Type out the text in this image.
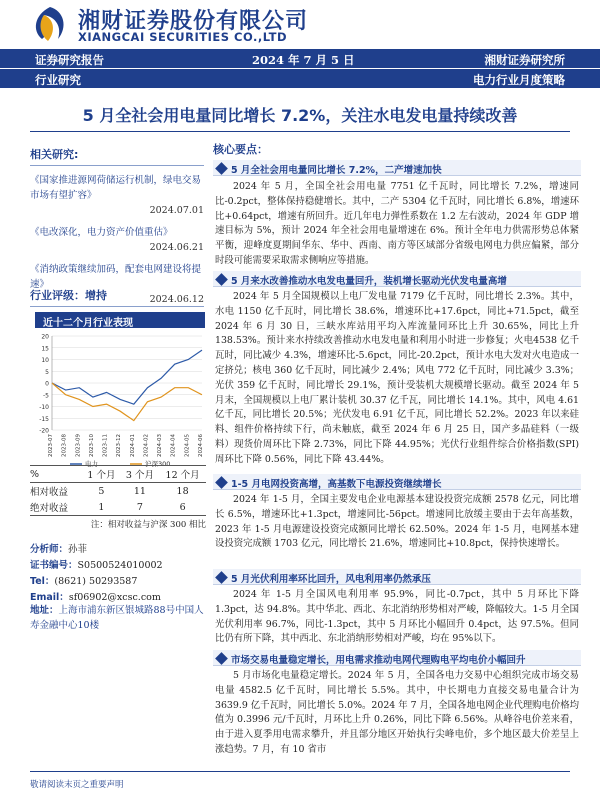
湘财证券股份有限公司
XIANGCAI SECURITIES CO.,LTD
证券研究报告	2024 年 7 月 5 日	湘财证券研究所
行业研究	电力行业月度策略
5 月全社会用电量同比增长 7.2%，关注水电发电量持续改善
相关研究:
《国家推进源网荷储运行机制，绿电交易市场有望扩容》
2024.07.01
《电改深化，电力资产价值重估》
2024.06.21
《消纳政策继续加码，配套电网建设将提速》
2024.06.12
行业评级：增持
近十二个月行业表现
20
15
10
5
0
-5
-10
-15
-20
2023-07 2023-08 2023-09 2023-10 2023-11 2023-12 2024-01 2024-02 2024-03 2024-04 2024-05 2024-06
电力	沪深300
%	1 个月	3 个月	12 个月
相对收益	5	11	18
绝对收益	1	7	6
注：相对收益与沪深 300 相比
分析师：孙菲
证书编号：S0500524010002
Tel：(8621) 50293587
Email：sf06902@xcsc.com
地址：上海市浦东新区银城路88号中国人寿金融中心10楼
核心要点：
5 月全社会用电量同比增长 7.2%，二产增速加快
2024 年 5 月，全国全社会用电量 7751 亿千瓦时，同比增长 7.2%，增速同比-0.2pct，整体保持稳健增长。其中，二产 5304 亿千瓦时，同比增长 6.8%，增速环比+0.64pct，增速有所回升。近几年电力弹性系数在 1.2 左右波动，2024 年 GDP 增速目标为 5%，预计 2024 年全社会用电量增速在 6%。预计全年电力供需形势总体紧平衡，迎峰度夏期间华东、华中、西南、南方等区域部分省级电网电力供应偏紧，部分时段可能需要采取需求侧响应等措施。
5 月来水改善推动水电发电量回升，装机增长驱动光伏发电量高增
2024 年 5 月全国规模以上电厂发电量 7179 亿千瓦时，同比增长 2.3%。其中，水电 1150 亿千瓦时，同比增长 38.6%，增速环比+17.6pct，同比+71.5pct，截至 2024 年 6 月 30 日，三峡水库站用平均入库流量同环比上升 30.65%，同比上升 138.53%。预计来水持续改善推动水电发电量和利用小时进一步修复；火电4538 亿千瓦时，同比减少 4.3%，增速环比-5.6pct，同比-20.2pct，预计水电大发对火电造成一定挤兑；核电 360 亿千瓦时，同比减少 2.4%；风电 772 亿千瓦时，同比减少 3.3%；光伏 359 亿千瓦时，同比增长 29.1%，预计受装机大规模增长驱动。截至 2024 年 5 月末，全国规模以上电厂累计装机 30.37 亿千瓦，同比增长 14.1%。其中，风电 4.61 亿千瓦，同比增长 20.5%；光伏发电 6.91 亿千瓦，同比增长 52.2%。2023 年以来硅料、组件价格持续下行，尚未触底，截至 2024 年 6 月 25 日，国产多晶硅料（一级料）现货价周环比下降 2.73%，同比下降 44.95%；光伏行业组件综合价格指数(SPI)周环比下降 0.56%，同比下降 43.44%。
1-5 月电网投资高增，高基数下电源投资继续增长
2024 年 1-5 月，全国主要发电企业电源基本建设投资完成额 2578 亿元，同比增长 6.5%，增速环比+1.3pct，增速同比-56pct。增速同比放缓主要由于去年高基数，2023 年 1-5 月电源建设投资完成额同比增长 62.50%。2024 年 1-5 月，电网基本建设投资完成额 1703 亿元，同比增长 21.6%，增速同比+10.8pct，保持快速增长。
5 月光伏利用率环比回升，风电利用率仍然承压
2024 年 1-5 月全国风电利用率 95.9%，同比-0.7pct，其中 5 月环比下降 1.3pct，达 94.8%。其中华北、西北、东北消纳形势相对严峻，降幅较大。1-5 月全国光伏利用率 96.7%，同比-1.3pct，其中 5 月环比小幅回升 0.4pct，达 97.5%。但同比仍有所下降，其中西北、东北消纳形势相对严峻，均在 95%以下。
市场交易电量稳定增长，用电需求推动电网代理购电平均电价小幅回升
5 月市场化电量稳定增长。2024 年 5 月，全国各电力交易中心组织完成市场交易电量 4582.5 亿千瓦时，同比增长 5.5%。其中，中长期电力直接交易电量合计为 3639.9 亿千瓦时，同比增长 5.0%。2024 年 7 月，全国各地电网企业代理购电价格均值为 0.3996 元/千瓦时，月环比上升 0.26%，同比下降 6.56%。从峰谷电价差来看，由于进入夏季用电需求攀升，并且部分地区开始执行尖峰电价，多个地区最大价差呈上涨趋势。7 月，有 10 省市
敬请阅读末页之重要声明
